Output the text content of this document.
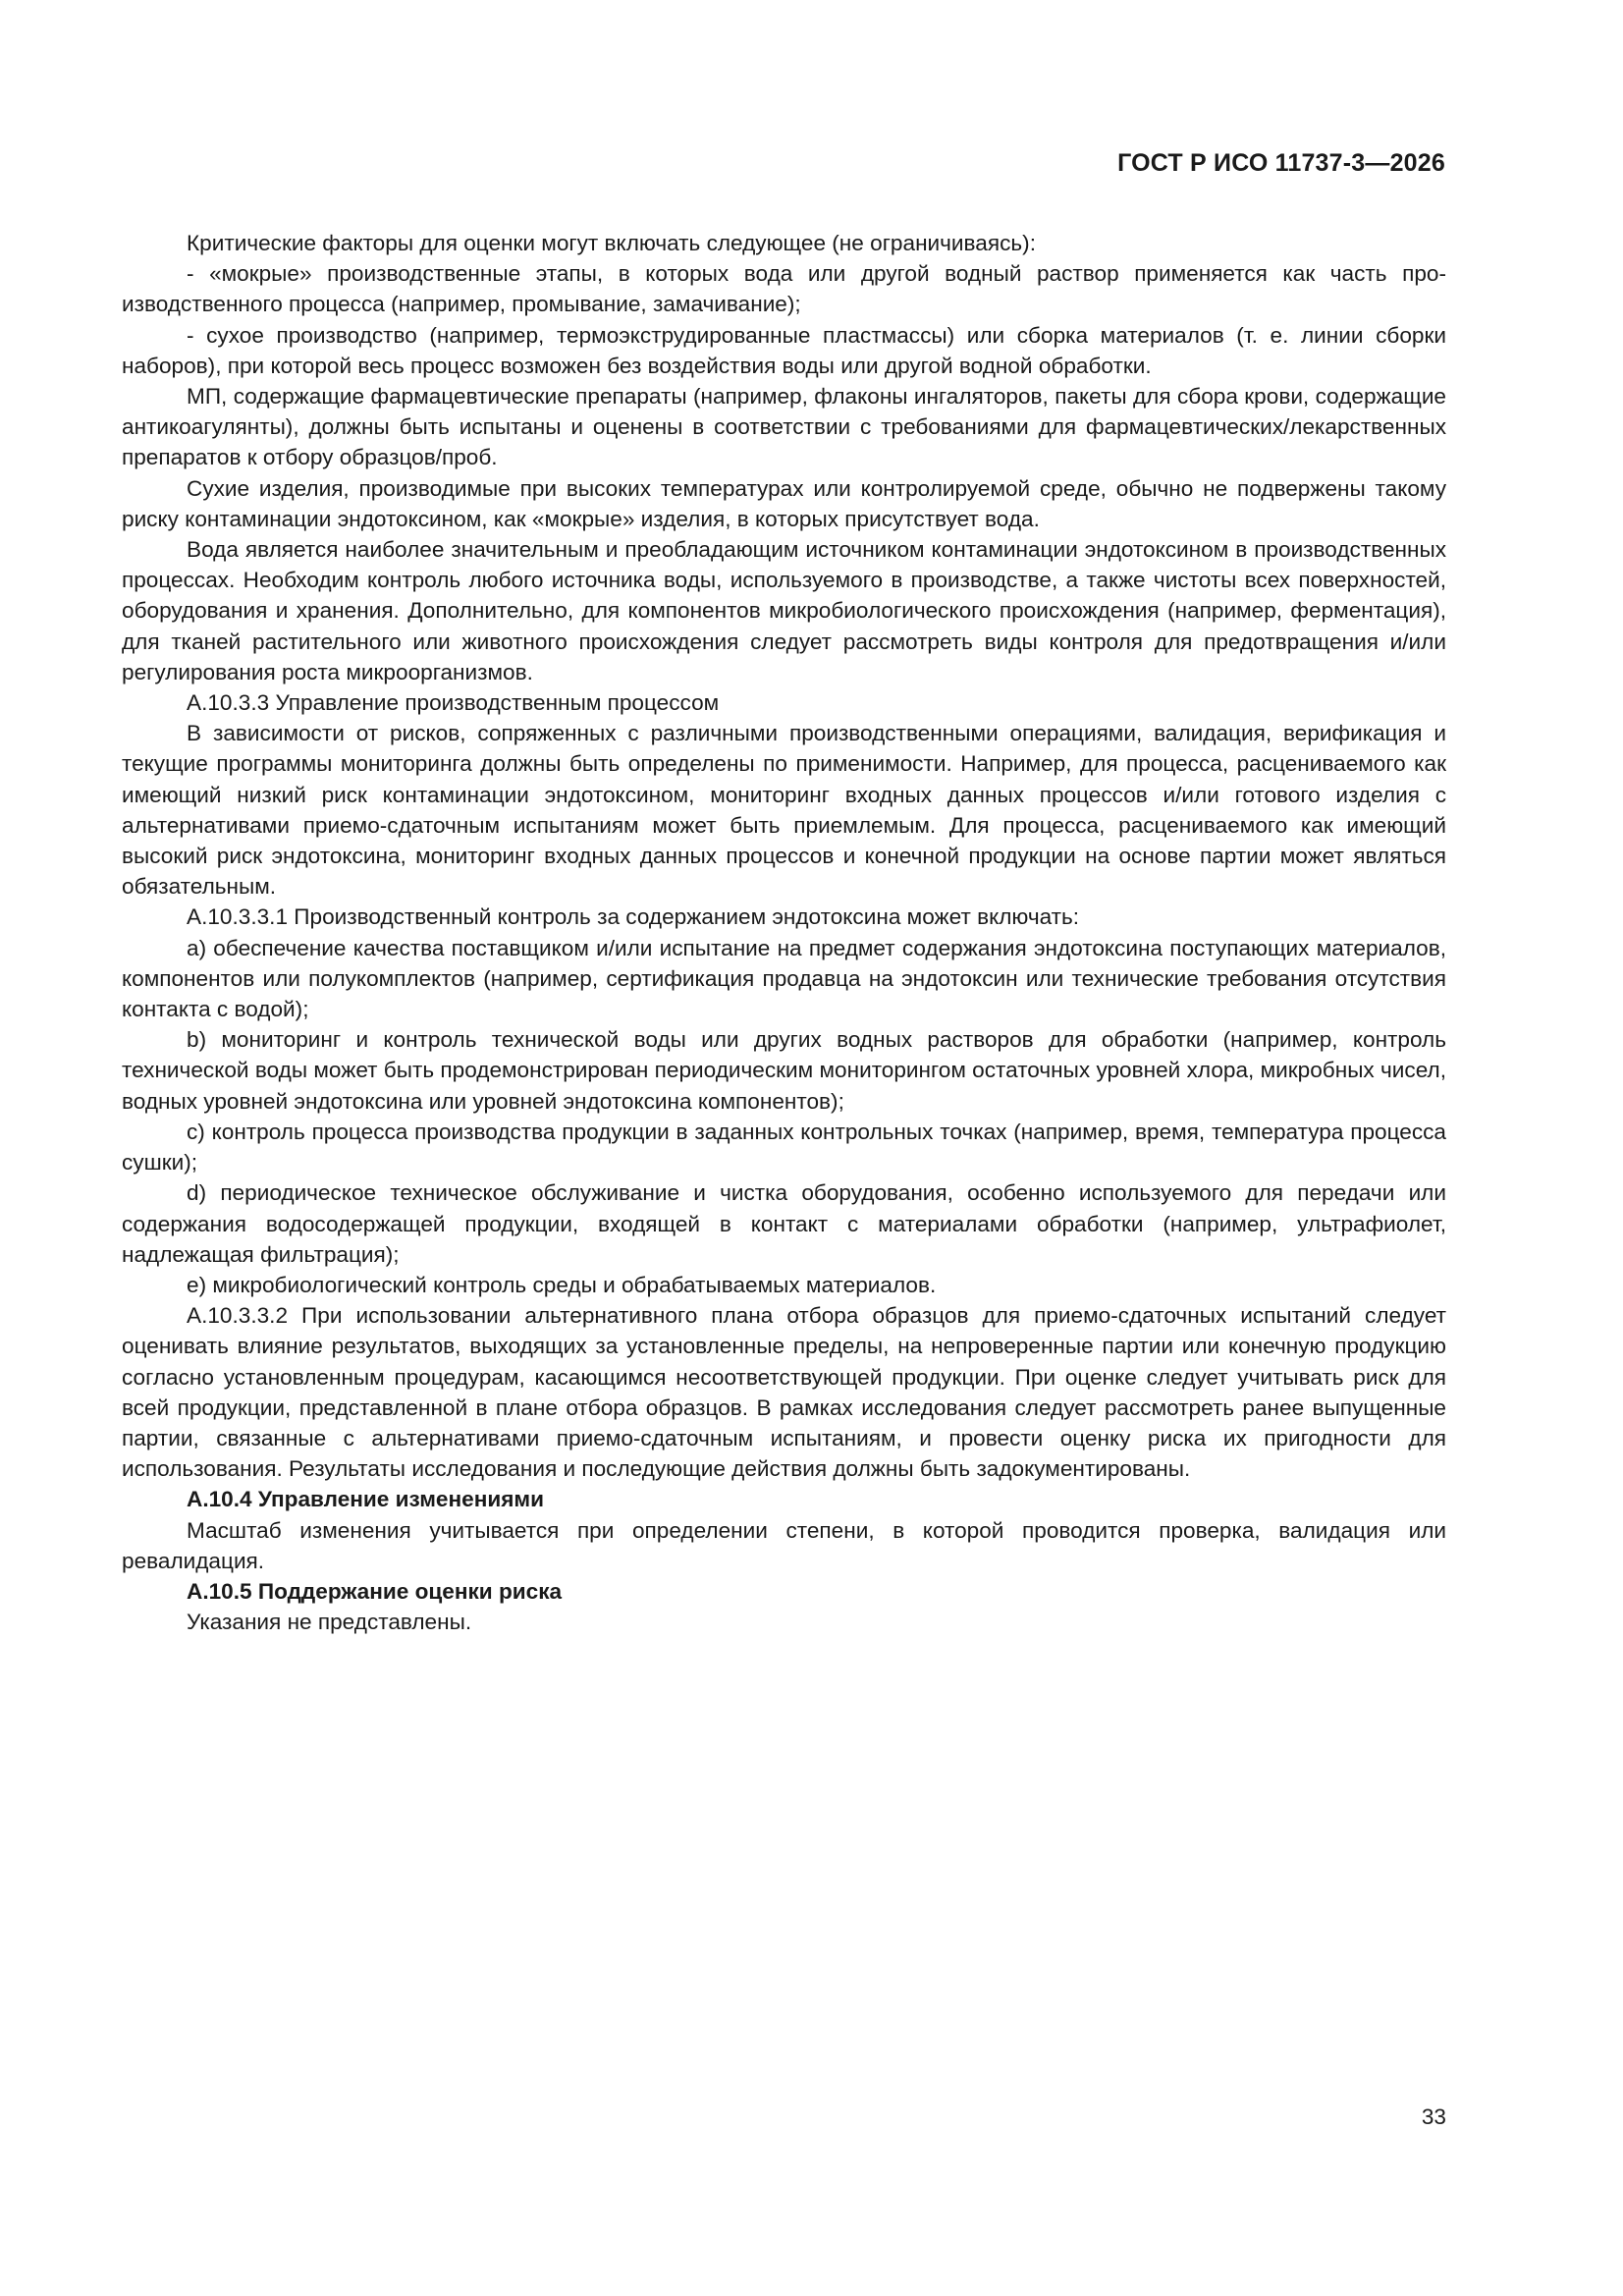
ГОСТ Р ИСО 11737-3—2026

Критические факторы для оценки могут включать следующее (не ограничиваясь):

- «мокрые» производственные этапы, в которых вода или другой водный раствор применяется как часть производственного процесса (например, промывание, замачивание);

- сухое производство (например, термоэкструдированные пластмассы) или сборка материалов (т. е. линии сборки наборов), при которой весь процесс возможен без воздействия воды или другой водной обработки.

МП, содержащие фармацевтические препараты (например, флаконы ингаляторов, пакеты для сбора крови, содержащие антикоагулянты), должны быть испытаны и оценены в соответствии с требованиями для фармацевтических/лекарственных препаратов к отбору образцов/проб.

Сухие изделия, производимые при высоких температурах или контролируемой среде, обычно не подвержены такому риску контаминации эндотоксином, как «мокрые» изделия, в которых присутствует вода.

Вода является наиболее значительным и преобладающим источником контаминации эндотоксином в производственных процессах. Необходим контроль любого источника воды, используемого в производстве, а также чистоты всех поверхностей, оборудования и хранения. Дополнительно, для компонентов микробиологического происхождения (например, ферментация), для тканей растительного или животного происхождения следует рассмотреть виды контроля для предотвращения и/или регулирования роста микроорганизмов.

А.10.3.3 Управление производственным процессом

В зависимости от рисков, сопряженных с различными производственными операциями, валидация, верификация и текущие программы мониторинга должны быть определены по применимости. Например, для процесса, расцениваемого как имеющий низкий риск контаминации эндотоксином, мониторинг входных данных процессов и/или готового изделия с альтернативами приемо-сдаточным испытаниям может быть приемлемым. Для процесса, расцениваемого как имеющий высокий риск эндотоксина, мониторинг входных данных процессов и конечной продукции на основе партии может являться обязательным.

А.10.3.3.1 Производственный контроль за содержанием эндотоксина может включать:

a) обеспечение качества поставщиком и/или испытание на предмет содержания эндотоксина поступающих материалов, компонентов или полукомплектов (например, сертификация продавца на эндотоксин или технические требования отсутствия контакта с водой);

b) мониторинг и контроль технической воды или других водных растворов для обработки (например, контроль технической воды может быть продемонстрирован периодическим мониторингом остаточных уровней хлора, микробных чисел, водных уровней эндотоксина или уровней эндотоксина компонентов);

c) контроль процесса производства продукции в заданных контрольных точках (например, время, температура процесса сушки);

d) периодическое техническое обслуживание и чистка оборудования, особенно используемого для передачи или содержания водосодержащей продукции, входящей в контакт с материалами обработки (например, ультрафиолет, надлежащая фильтрация);

e) микробиологический контроль среды и обрабатываемых материалов.

А.10.3.3.2 При использовании альтернативного плана отбора образцов для приемо-сдаточных испытаний следует оценивать влияние результатов, выходящих за установленные пределы, на непроверенные партии или конечную продукцию согласно установленным процедурам, касающимся несоответствующей продукции. При оценке следует учитывать риск для всей продукции, представленной в плане отбора образцов. В рамках исследования следует рассмотреть ранее выпущенные партии, связанные с альтернативами приемо-сдаточным испытаниям, и провести оценку риска их пригодности для использования. Результаты исследования и последующие действия должны быть задокументированы.

А.10.4 Управление изменениями

Масштаб изменения учитывается при определении степени, в которой проводится проверка, валидация или ревалидация.

А.10.5 Поддержание оценки риска

Указания не представлены.

33
